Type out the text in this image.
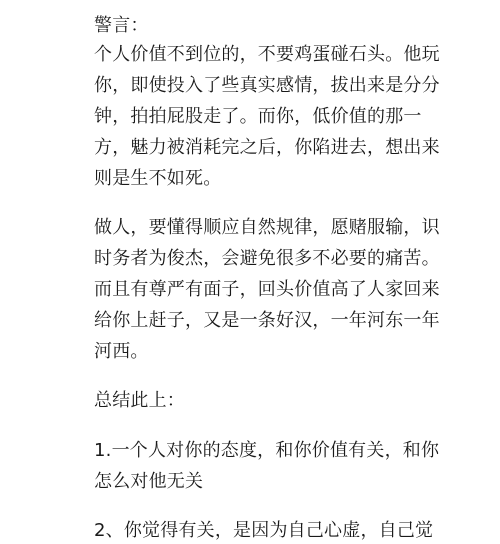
警言：
个人价值不到位的，不要鸡蛋碰石头。他玩
你，即使投入了些真实感情，拔出来是分分
钟，拍拍屁股走了。而你，低价值的那一
方，魅力被消耗完之后，你陷进去，想出来
则是生不如死。
做人，要懂得顺应自然规律，愿赌服输，识
时务者为俊杰，会避免很多不必要的痛苦。
而且有尊严有面子，回头价值高了人家回来
给你上赶子，又是一条好汉，一年河东一年
河西。
总结此上：
1.一个人对你的态度，和你价值有关，和你
怎么对他无关
2、你觉得有关，是因为自己心虚，自己觉
